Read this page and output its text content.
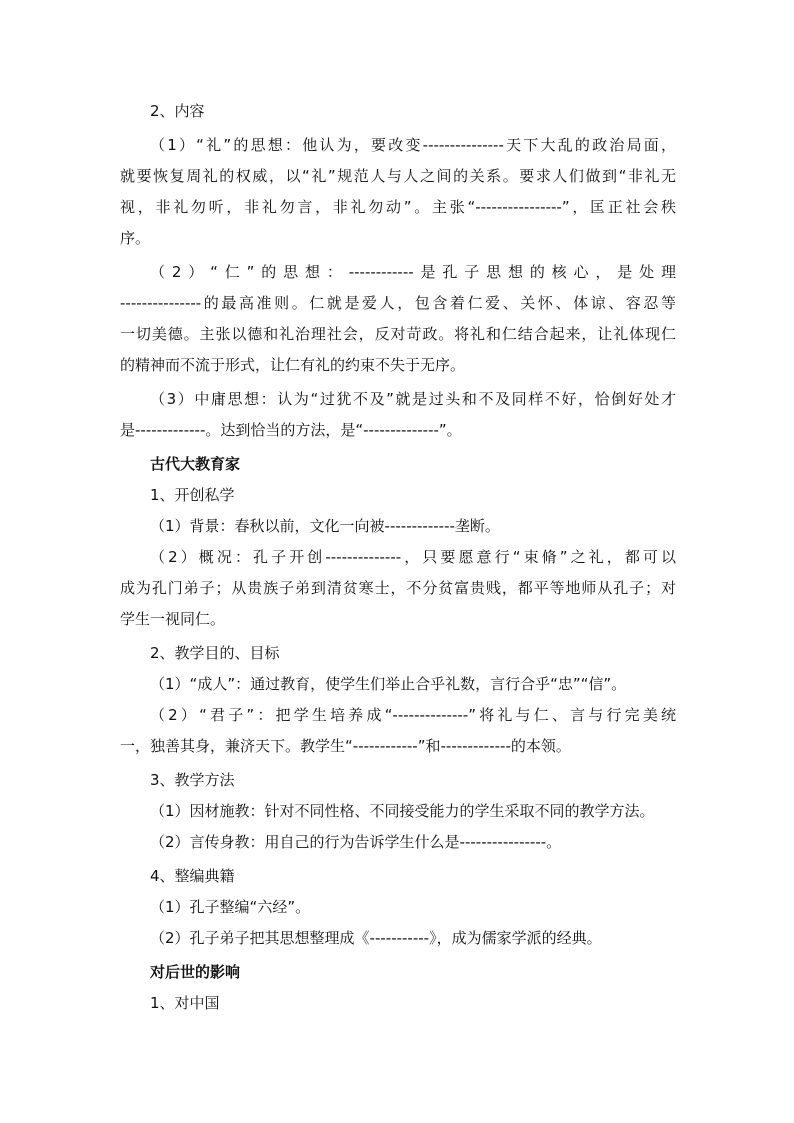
2、内容
（1）“礼”的思想：他认为，要改变---------------天下大乱的政治局面，
就要恢复周礼的权威，以“礼”规范人与人之间的关系。要求人们做到“非礼无
视，非礼勿听，非礼勿言，非礼勿动”。主张“----------------”，匡正社会秩
序。
（2）“仁”的思想：------------是孔子思想的核心，是处理
---------------的最高准则。仁就是爱人，包含着仁爱、关怀、体谅、容忍等
一切美德。主张以德和礼治理社会，反对苛政。将礼和仁结合起来，让礼体现仁
的精神而不流于形式，让仁有礼的约束不失于无序。
（3）中庸思想：认为“过犹不及”就是过头和不及同样不好，恰倒好处才
是-------------。达到恰当的方法，是“--------------”。
古代大教育家
1、开创私学
（1）背景：春秋以前，文化一向被-------------垄断。
（2）概况：孔子开创--------------，只要愿意行“束脩”之礼，都可以
成为孔门弟子；从贵族子弟到清贫寒士，不分贫富贵贱，都平等地师从孔子；对
学生一视同仁。
2、教学目的、目标
（1）“成人”：通过教育，使学生们举止合乎礼数，言行合乎“忠”“信”。
（2）“君子”：把学生培养成“--------------”将礼与仁、言与行完美统
一，独善其身，兼济天下。教学生“------------”和-------------的本领。
3、教学方法
（1）因材施教：针对不同性格、不同接受能力的学生采取不同的教学方法。
（2）言传身教：用自己的行为告诉学生什么是----------------。
4、整编典籍
（1）孔子整编“六经”。
（2）孔子弟子把其思想整理成《-----------》，成为儒家学派的经典。
对后世的影响
1、对中国
